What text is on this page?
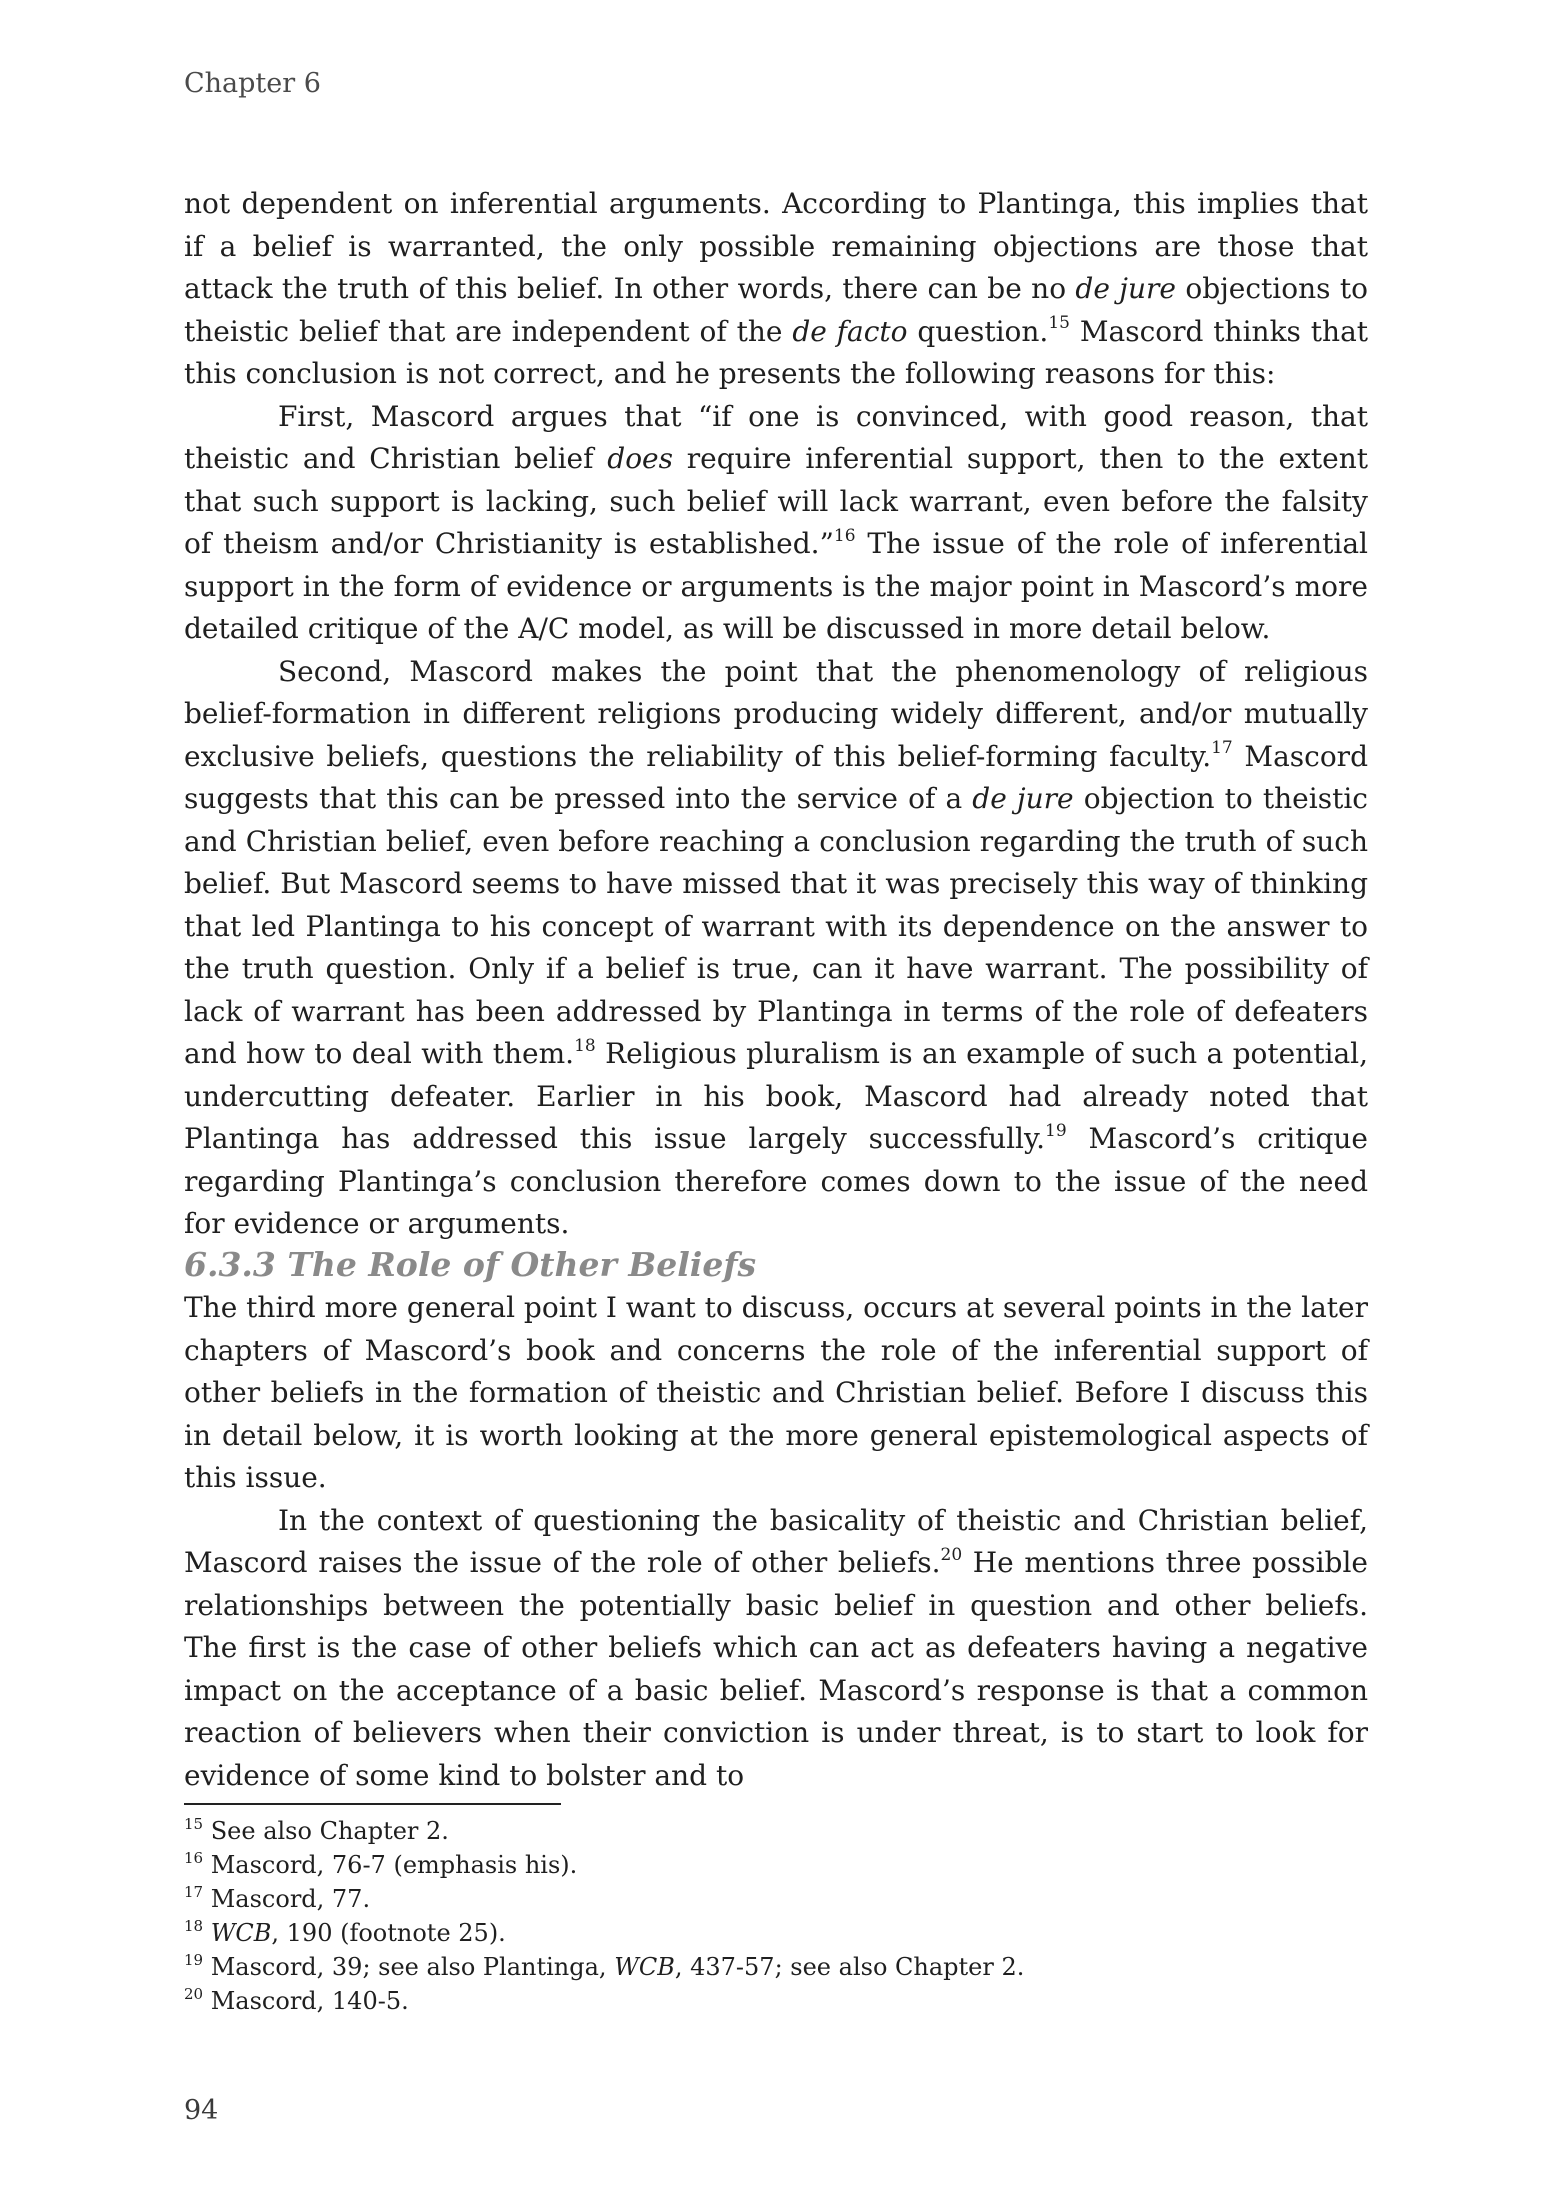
Chapter 6

not dependent on inferential arguments. According to Plantinga, this implies that if a belief is warranted, the only possible remaining objections are those that attack the truth of this belief. In other words, there can be no de jure objections to theistic belief that are independent of the de facto question.$^{15}$ Mascord thinks that this conclusion is not correct, and he presents the following reasons for this:

First, Mascord argues that “if one is convinced, with good reason, that theistic and Christian belief does require inferential support, then to the extent that such support is lacking, such belief will lack warrant, even before the falsity of theism and/or Christianity is established.”$^{16}$ The issue of the role of inferential support in the form of evidence or arguments is the major point in Mascord’s more detailed critique of the A/C model, as will be discussed in more detail below.

Second, Mascord makes the point that the phenomenology of religious belief-formation in different religions producing widely different, and/or mutually exclusive beliefs, questions the reliability of this belief-forming faculty.$^{17}$ Mascord suggests that this can be pressed into the service of a de jure objection to theistic and Christian belief, even before reaching a conclusion regarding the truth of such belief. But Mascord seems to have missed that it was precisely this way of thinking that led Plantinga to his concept of warrant with its dependence on the answer to the truth question. Only if a belief is true, can it have warrant. The possibility of lack of warrant has been addressed by Plantinga in terms of the role of defeaters and how to deal with them.$^{18}$ Religious pluralism is an example of such a potential, undercutting defeater. Earlier in his book, Mascord had already noted that Plantinga has addressed this issue largely successfully.$^{19}$ Mascord’s critique regarding Plantinga’s conclusion therefore comes down to the issue of the need for evidence or arguments.

6.3.3 The Role of Other Beliefs

The third more general point I want to discuss, occurs at several points in the later chapters of Mascord’s book and concerns the role of the inferential support of other beliefs in the formation of theistic and Christian belief. Before I discuss this in detail below, it is worth looking at the more general epistemological aspects of this issue.

In the context of questioning the basicality of theistic and Christian belief, Mascord raises the issue of the role of other beliefs.$^{20}$ He mentions three possible relationships between the potentially basic belief in question and other beliefs. The first is the case of other beliefs which can act as defeaters having a negative impact on the acceptance of a basic belief. Mascord’s response is that a common reaction of believers when their conviction is under threat, is to start to look for evidence of some kind to bolster and to

$^{15}$ See also Chapter 2.
$^{16}$ Mascord, 76-7 (emphasis his).
$^{17}$ Mascord, 77.
$^{18}$ WCB, 190 (footnote 25).
$^{19}$ Mascord, 39; see also Plantinga, WCB, 437-57; see also Chapter 2.
$^{20}$ Mascord, 140-5.
94
